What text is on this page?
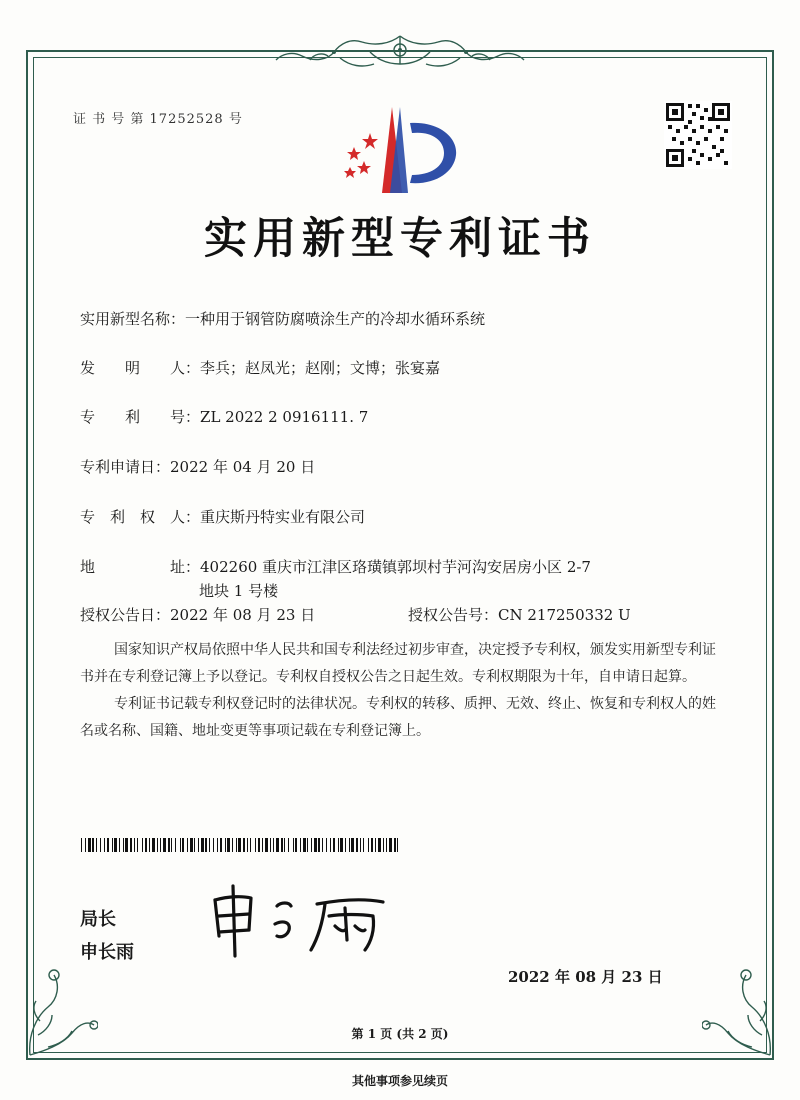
证 书 号 第 17252528 号
实用新型专利证书
实用新型名称：一种用于钢管防腐喷涂生产的冷却水循环系统
发　　明　　人：李兵；赵凤光；赵刚；文博；张宴嘉
专　　利　　号：ZL 2022 2 0916111. 7
专利申请日：2022 年 04 月 20 日
专　利　权　人：重庆斯丹特实业有限公司
地　　　　　址：402260 重庆市江津区珞璜镇郭坝村芋河沟安居房小区 2-7
地块 1 号楼
授权公告日：2022 年 08 月 23 日	授权公告号：CN 217250332 U

国家知识产权局依照中华人民共和国专利法经过初步审查，决定授予专利权，颁发实用新型专利证书并在专利登记簿上予以登记。专利权自授权公告之日起生效。专利权期限为十年，自申请日起算。

专利证书记载专利权登记时的法律状况。专利权的转移、质押、无效、终止、恢复和专利权人的姓名或名称、国籍、地址变更等事项记载在专利登记簿上。

局长
申长雨
2022 年 08 月 23 日
第 1 页 (共 2 页)
其他事项参见续页
